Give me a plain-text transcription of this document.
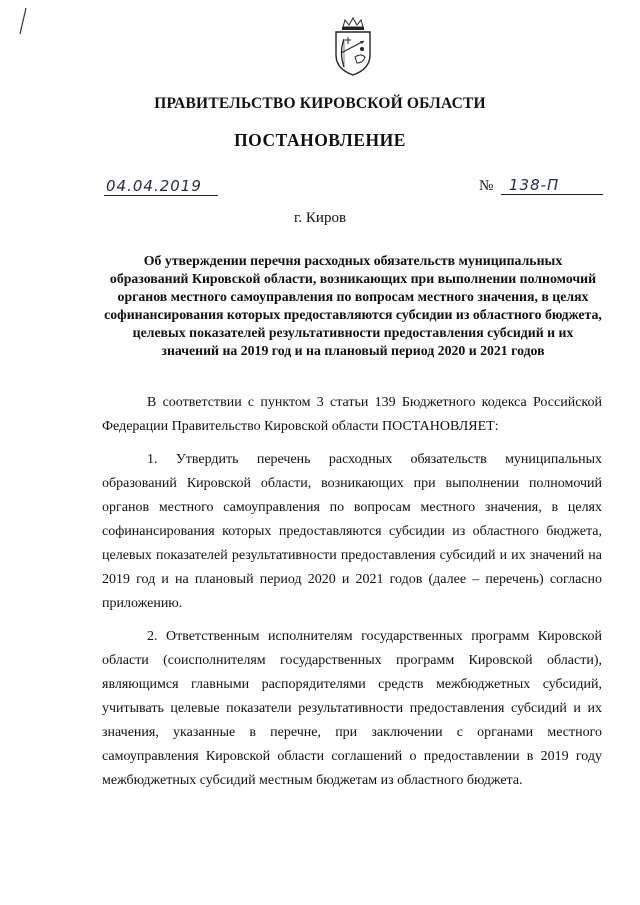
ПРАВИТЕЛЬСТВО КИРОВСКОЙ ОБЛАСТИ
ПОСТАНОВЛЕНИЕ
04.04.2019	№ 138-П
г. Киров

Об утверждении перечня расходных обязательств муниципальных образований Кировской области, возникающих при выполнении полномочий органов местного самоуправления по вопросам местного значения, в целях софинансирования которых предоставляются субсидии из областного бюджета, целевых показателей результативности предоставления субсидий и их значений на 2019 год и на плановый период 2020 и 2021 годов

В соответствии с пунктом 3 статьи 139 Бюджетного кодекса Российской Федерации Правительство Кировской области ПОСТАНОВЛЯЕТ:

1. Утвердить перечень расходных обязательств муниципальных образований Кировской области, возникающих при выполнении полномочий органов местного самоуправления по вопросам местного значения, в целях софинансирования которых предоставляются субсидии из областного бюджета, целевых показателей результативности предоставления субсидий и их значений на 2019 год и на плановый период 2020 и 2021 годов (далее – перечень) согласно приложению.

2. Ответственным исполнителям государственных программ Кировской области (соисполнителям государственных программ Кировской области), являющимся главными распорядителями средств межбюджетных субсидий, учитывать целевые показатели результативности предоставления субсидий и их значения, указанные в перечне, при заключении с органами местного самоуправления Кировской области соглашений о предоставлении в 2019 году межбюджетных субсидий местным бюджетам из областного бюджета.
